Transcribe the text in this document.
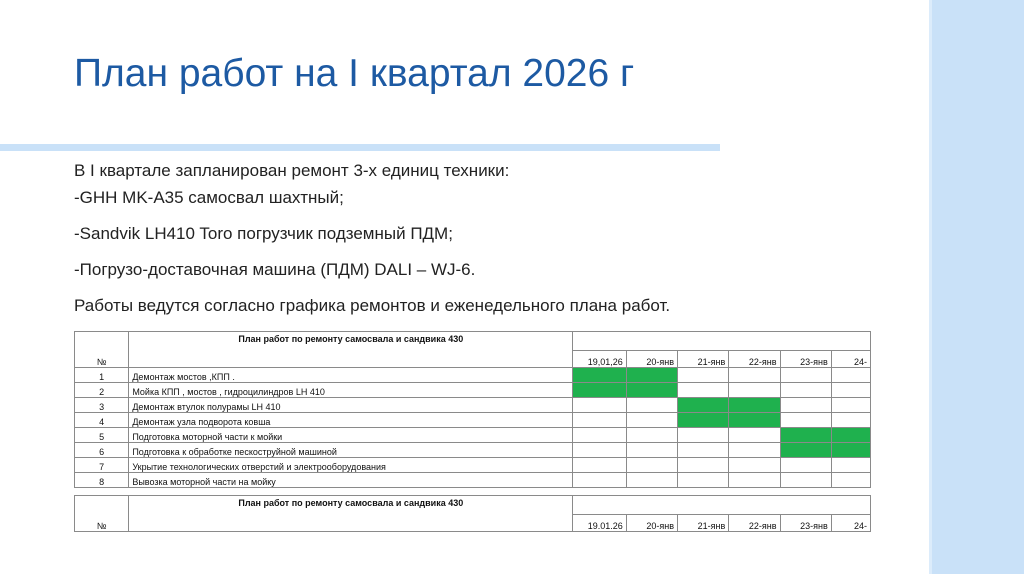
План работ на I квартал 2026 г
В I квартале запланирован ремонт 3-х единиц техники:
-GHH MK-A35 самосвал шахтный;
-Sandvik LH410 Toro погрузчик подземный ПДМ;
-Погрузо-доставочная машина (ПДМ) DALI – WJ-6.
Работы ведутся согласно графика ремонтов и еженедельного плана работ.
№	План работ по ремонту самосвала и сандвика 430						
		19,01,26	20-янв	21-янв	22-янв	23-янв	24-
1	Демонтаж мостов ,КПП .						
2	Мойка КПП , мостов , гидроцилиндров LH 410						
3	Демонтаж втулок полурамы LH 410						
4	Демонтаж узла подворота ковша						
5	Подготовка моторной части к мойки						
6	Подготовка к обработке пескоструйной машиной						
7	Укрытие технологических отверстий и электрооборудования						
8	Вывозка моторной части на мойку						

№	План работ по ремонту самосвала и сандвика 430						
		19.01.26	20-янв	21-янв	22-янв	23-янв	24-
